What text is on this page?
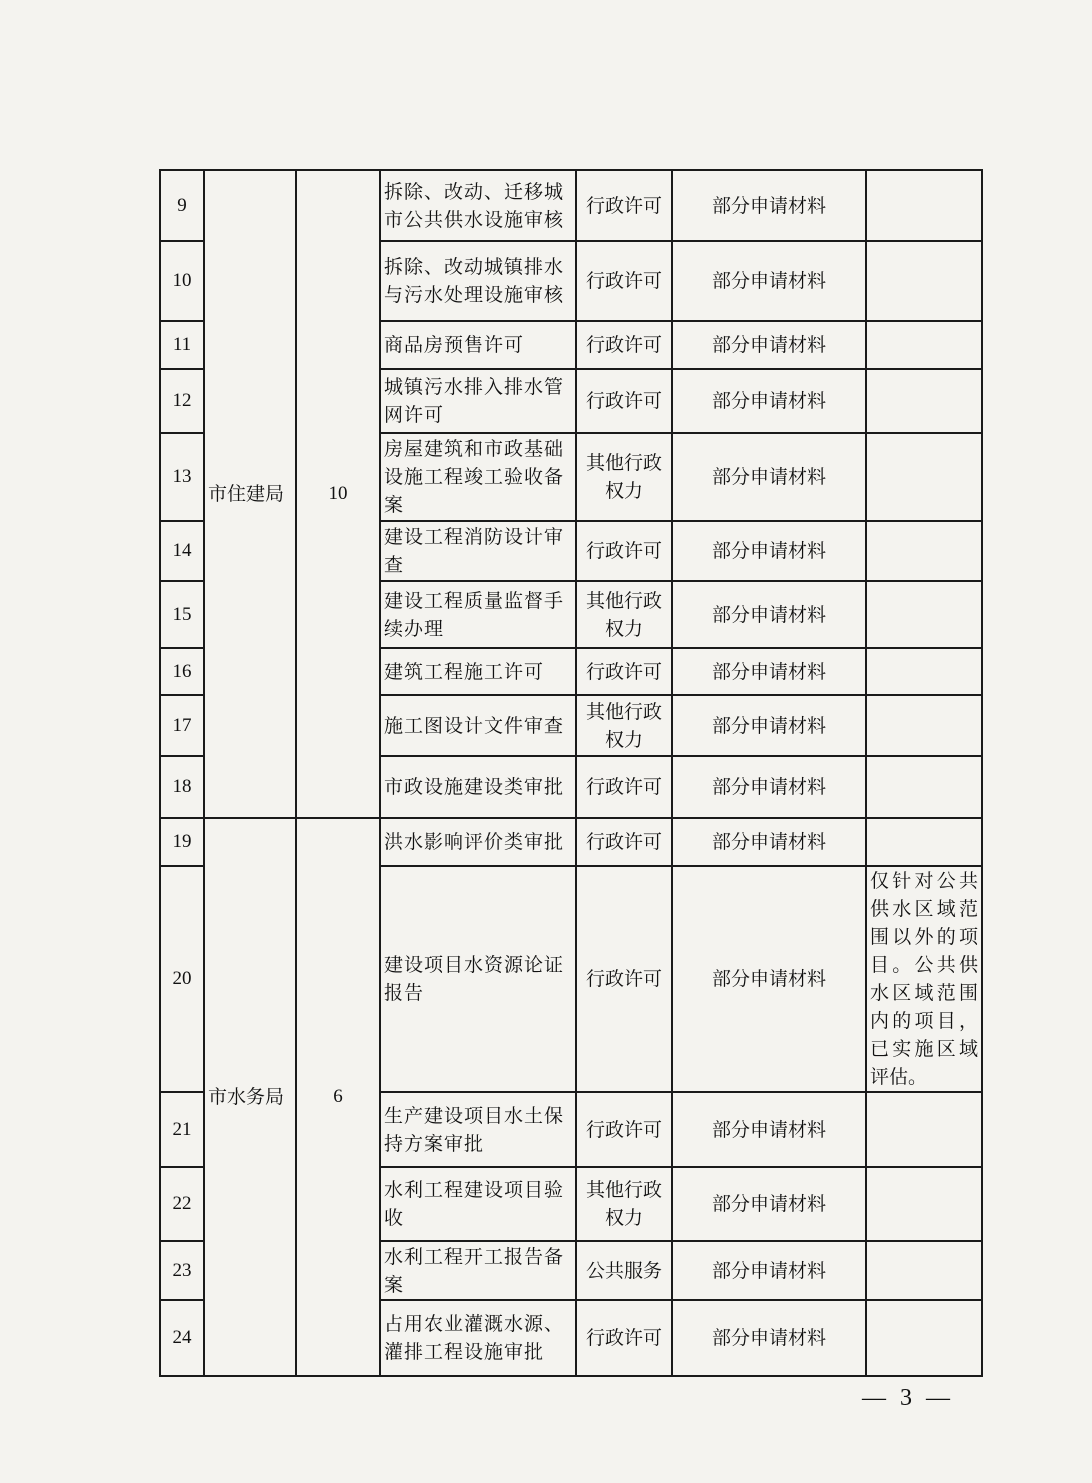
9	市住建局	10	拆除、改动、迁移城市公共供水设施审核	行政许可	部分申请材料	
10			拆除、改动城镇排水与污水处理设施审核	行政许可	部分申请材料	
11			商品房预售许可	行政许可	部分申请材料	
12			城镇污水排入排水管网许可	行政许可	部分申请材料	
13			房屋建筑和市政基础设施工程竣工验收备案	其他行政权力	部分申请材料	
14			建设工程消防设计审查	行政许可	部分申请材料	
15			建设工程质量监督手续办理	其他行政权力	部分申请材料	
16			建筑工程施工许可	行政许可	部分申请材料	
17			施工图设计文件审查	其他行政权力	部分申请材料	
18			市政设施建设类审批	行政许可	部分申请材料	
19	市水务局	6	洪水影响评价类审批	行政许可	部分申请材料	
20			建设项目水资源论证报告	行政许可	部分申请材料	仅针对公共供水区域范围以外的项目。公共供水区域范围内的项目，已实施区域评估。
21			生产建设项目水土保持方案审批	行政许可	部分申请材料	
22			水利工程建设项目验收	其他行政权力	部分申请材料	
23			水利工程开工报告备案	公共服务	部分申请材料	
24			占用农业灌溉水源、灌排工程设施审批	行政许可	部分申请材料	
— 3 —
